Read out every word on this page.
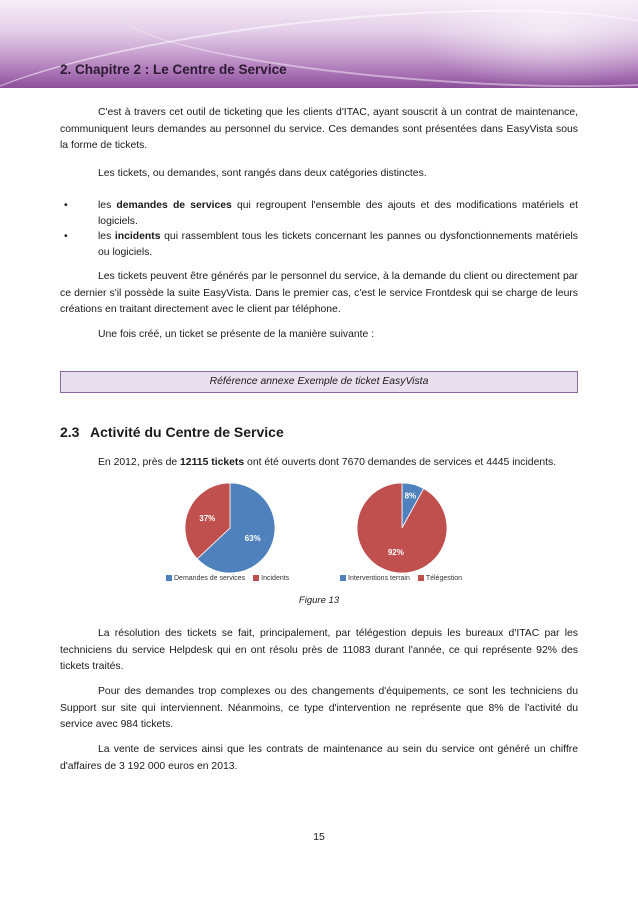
2. Chapitre 2 : Le Centre de Service
C'est à travers cet outil de ticketing que les clients d'ITAC, ayant souscrit à un contrat de maintenance, communiquent leurs demandes au personnel du service. Ces demandes sont présentées dans EasyVista sous la forme de tickets.
Les tickets, ou demandes, sont rangés dans deux catégories distinctes.
•	les demandes de services qui regroupent l'ensemble des ajouts et des modifications matériels et logiciels.
•	les incidents qui rassemblent tous les tickets concernant les pannes ou dysfonctionnements matériels ou logiciels.
Les tickets peuvent être générés par le personnel du service, à la demande du client ou directement par ce dernier s'il possède la suite EasyVista. Dans le premier cas, c'est le service Frontdesk qui se charge de leurs créations en traitant directement avec le client par téléphone.
Une fois créé, un ticket se présente de la manière suivante :
Référence annexe Exemple de ticket EasyVista
2.3 Activité du Centre de Service
En 2012, près de 12115 tickets ont été ouverts dont 7670 demandes de services et 4445 incidents.
63%
37%
Demandes de services Incidents
8%
92%
Interventions terrain Télégestion
Figure 13
La résolution des tickets se fait, principalement, par télégestion depuis les bureaux d'ITAC par les techniciens du service Helpdesk qui en ont résolu près de 11083 durant l'année, ce qui représente 92% des tickets traités.
Pour des demandes trop complexes ou des changements d'équipements, ce sont les techniciens du Support sur site qui interviennent. Néanmoins, ce type d'intervention ne représente que 8% de l'activité du service avec 984 tickets.
La vente de services ainsi que les contrats de maintenance au sein du service ont généré un chiffre d'affaires de 3 192 000 euros en 2013.
15
